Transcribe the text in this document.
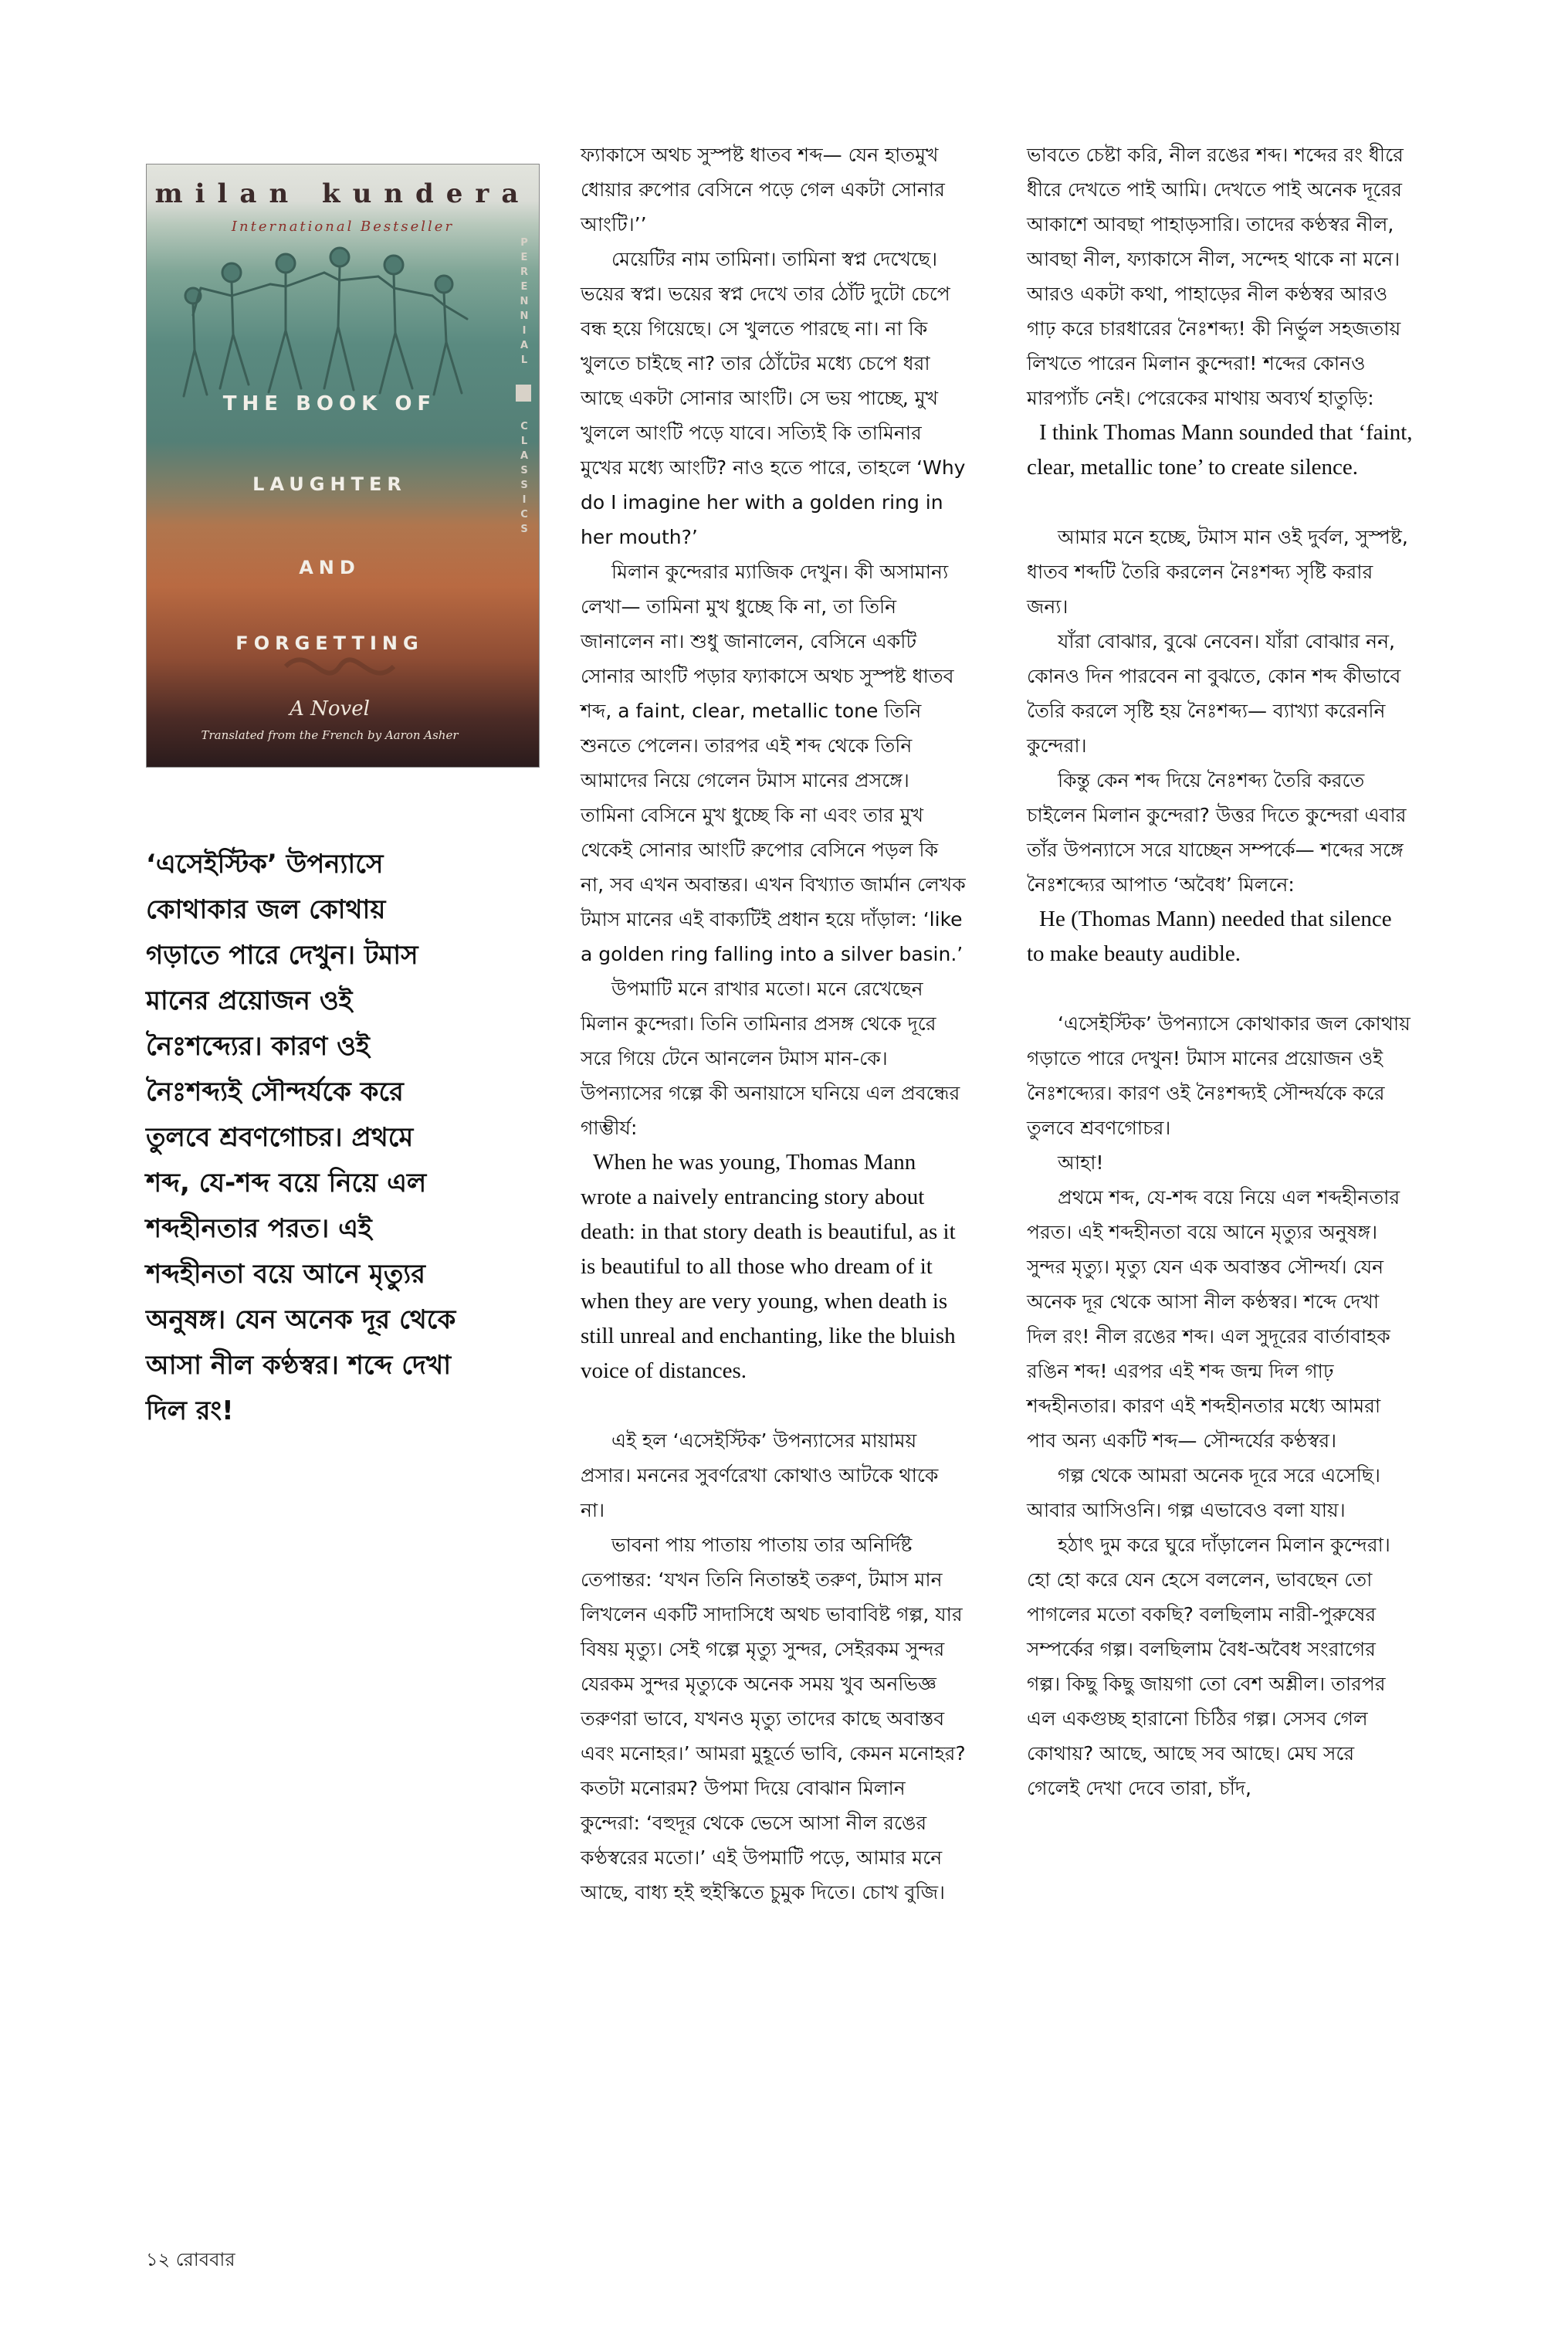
milan kundera
International Bestseller
THE BOOK OF
LAUGHTER
AND
FORGETTING
A Novel
Translated from the French by Aaron Asher
P
E
R
E
N
N
I
A
L
C
L
A
S
S
I
C
S
‘এসেইস্টিক’ উপন্যাসে
কোথাকার জল কোথায়
গড়াতে পারে দেখুন। টমাস
মানের প্রয়োজন ওই
নৈঃশব্দ্যের। কারণ ওই
নৈঃশব্দ্যই সৌন্দর্যকে করে
তুলবে শ্রবণগোচর। প্রথমে
শব্দ, যে-শব্দ বয়ে নিয়ে এল
শব্দহীনতার পরত। এই
শব্দহীনতা বয়ে আনে মৃত্যুর
অনুষঙ্গ। যেন অনেক দূর থেকে
আসা নীল কণ্ঠস্বর। শব্দে দেখা
দিল রং!

ফ্যাকাসে অথচ সুস্পষ্ট ধাতব শব্দ— যেন হাতমুখ ধোয়ার রুপোর বেসিনে পড়ে গেল একটা সোনার আংটি।’’

মেয়েটির নাম তামিনা। তামিনা স্বপ্ন দেখেছে। ভয়ের স্বপ্ন। ভয়ের স্বপ্ন দেখে তার ঠোঁট দুটো চেপে বন্ধ হয়ে গিয়েছে। সে খুলতে পারছে না। না কি খুলতে চাইছে না? তার ঠোঁটের মধ্যে চেপে ধরা আছে একটা সোনার আংটি। সে ভয় পাচ্ছে, মুখ খুললে আংটি পড়ে যাবে। সত্যিই কি তামিনার মুখের মধ্যে আংটি? নাও হতে পারে, তাহলে ‘Why do I imagine her with a golden ring in her mouth?’

মিলান কুন্দেরার ম্যাজিক দেখুন। কী অসামান্য লেখা— তামিনা মুখ ধুচ্ছে কি না, তা তিনি জানালেন না। শুধু জানালেন, বেসিনে একটি সোনার আংটি পড়ার ফ্যাকাসে অথচ সুস্পষ্ট ধাতব শব্দ, a faint, clear, metallic tone তিনি শুনতে পেলেন। তারপর এই শব্দ থেকে তিনি আমাদের নিয়ে গেলেন টমাস মানের প্রসঙ্গে। তামিনা বেসিনে মুখ ধুচ্ছে কি না এবং তার মুখ থেকেই সোনার আংটি রুপোর বেসিনে পড়ল কি না, সব এখন অবান্তর। এখন বিখ্যাত জার্মান লেখক টমাস মানের এই বাক্যটিই প্রধান হয়ে দাঁড়াল: ‘like a golden ring falling into a silver basin.’

উপমাটি মনে রাখার মতো। মনে রেখেছেন মিলান কুন্দেরা। তিনি তামিনার প্রসঙ্গ থেকে দূরে সরে গিয়ে টেনে আনলেন টমাস মান-কে। উপন্যাসের গল্পে কী অনায়াসে ঘনিয়ে এল প্রবন্ধের গাম্ভীর্য:

When he was young, Thomas Mann wrote a naively entrancing story about death: in that story death is beautiful, as it is beautiful to all those who dream of it when they are very young, when death is still unreal and enchanting, like the bluish voice of distances.

এই হল ‘এসেইস্টিক’ উপন্যাসের মায়াময় প্রসার। মননের সুবর্ণরেখা কোথাও আটকে থাকে না।

ভাবনা পায় পাতায় পাতায় তার অনির্দিষ্ট তেপান্তর: ‘যখন তিনি নিতান্তই তরুণ, টমাস মান লিখলেন একটি সাদাসিধে অথচ ভাবাবিষ্ট গল্প, যার বিষয় মৃত্যু। সেই গল্পে মৃত্যু সুন্দর, সেইরকম সুন্দর যেরকম সুন্দর মৃত্যুকে অনেক সময় খুব অনভিজ্ঞ তরুণরা ভাবে, যখনও মৃত্যু তাদের কাছে অবাস্তব এবং মনোহর।’ আমরা মুহূর্তে ভাবি, কেমন মনোহর? কতটা মনোরম? উপমা দিয়ে বোঝান মিলান কুন্দেরা: ‘বহুদূর থেকে ভেসে আসা নীল রঙের কণ্ঠস্বরের মতো।’ এই উপমাটি পড়ে, আমার মনে আছে, বাধ্য হই হুইস্কিতে চুমুক দিতে। চোখ বুজি।

ভাবতে চেষ্টা করি, নীল রঙের শব্দ। শব্দের রং ধীরে ধীরে দেখতে পাই আমি। দেখতে পাই অনেক দূরের আকাশে আবছা পাহাড়সারি। তাদের কণ্ঠস্বর নীল, আবছা নীল, ফ্যাকাসে নীল, সন্দেহ থাকে না মনে। আরও একটা কথা, পাহাড়ের নীল কণ্ঠস্বর আরও গাঢ় করে চারধারের নৈঃশব্দ্য! কী নির্ভুল সহজতায় লিখতে পারেন মিলান কুন্দেরা! শব্দের কোনও মারপ্যাঁচ নেই। পেরেকের মাথায় অব্যর্থ হাতুড়ি:

I think Thomas Mann sounded that ‘faint, clear, metallic tone’ to create silence.

আমার মনে হচ্ছে, টমাস মান ওই দুর্বল, সুস্পষ্ট, ধাতব শব্দটি তৈরি করলেন নৈঃশব্দ্য সৃষ্টি করার জন্য।

যাঁরা বোঝার, বুঝে নেবেন। যাঁরা বোঝার নন, কোনও দিন পারবেন না বুঝতে, কোন শব্দ কীভাবে তৈরি করলে সৃষ্টি হয় নৈঃশব্দ্য— ব্যাখ্যা করেননি কুন্দেরা।

কিন্তু কেন শব্দ দিয়ে নৈঃশব্দ্য তৈরি করতে চাইলেন মিলান কুন্দেরা? উত্তর দিতে কুন্দেরা এবার তাঁর উপন্যাসে সরে যাচ্ছেন সম্পর্কে— শব্দের সঙ্গে নৈঃশব্দ্যের আপাত ‘অবৈধ’ মিলনে:

He (Thomas Mann) needed that silence to make beauty audible.

‘এসেইস্টিক’ উপন্যাসে কোথাকার জল কোথায় গড়াতে পারে দেখুন! টমাস মানের প্রয়োজন ওই নৈঃশব্দ্যের। কারণ ওই নৈঃশব্দ্যই সৌন্দর্যকে করে তুলবে শ্রবণগোচর।

আহা!

প্রথমে শব্দ, যে-শব্দ বয়ে নিয়ে এল শব্দহীনতার পরত। এই শব্দহীনতা বয়ে আনে মৃত্যুর অনুষঙ্গ। সুন্দর মৃত্যু। মৃত্যু যেন এক অবাস্তব সৌন্দর্য। যেন অনেক দূর থেকে আসা নীল কণ্ঠস্বর। শব্দে দেখা দিল রং! নীল রঙের শব্দ। এল সুদূরের বার্তাবাহক রঙিন শব্দ! এরপর এই শব্দ জন্ম দিল গাঢ় শব্দহীনতার। কারণ এই শব্দহীনতার মধ্যে আমরা পাব অন্য একটি শব্দ— সৌন্দর্যের কণ্ঠস্বর।

গল্প থেকে আমরা অনেক দূরে সরে এসেছি। আবার আসিওনি। গল্প এভাবেও বলা যায়।

হঠাৎ দুম করে ঘুরে দাঁড়ালেন মিলান কুন্দেরা। হো হো করে যেন হেসে বললেন, ভাবছেন তো পাগলের মতো বকছি? বলছিলাম নারী-পুরুষের সম্পর্কের গল্প। বলছিলাম বৈধ-অবৈধ সংরাগের গল্প। কিছু কিছু জায়গা তো বেশ অশ্লীল। তারপর এল একগুচ্ছ হারানো চিঠির গল্প। সেসব গেল কোথায়? আছে, আছে সব আছে। মেঘ সরে গেলেই দেখা দেবে তারা, চাঁদ,

১২ রোববার
